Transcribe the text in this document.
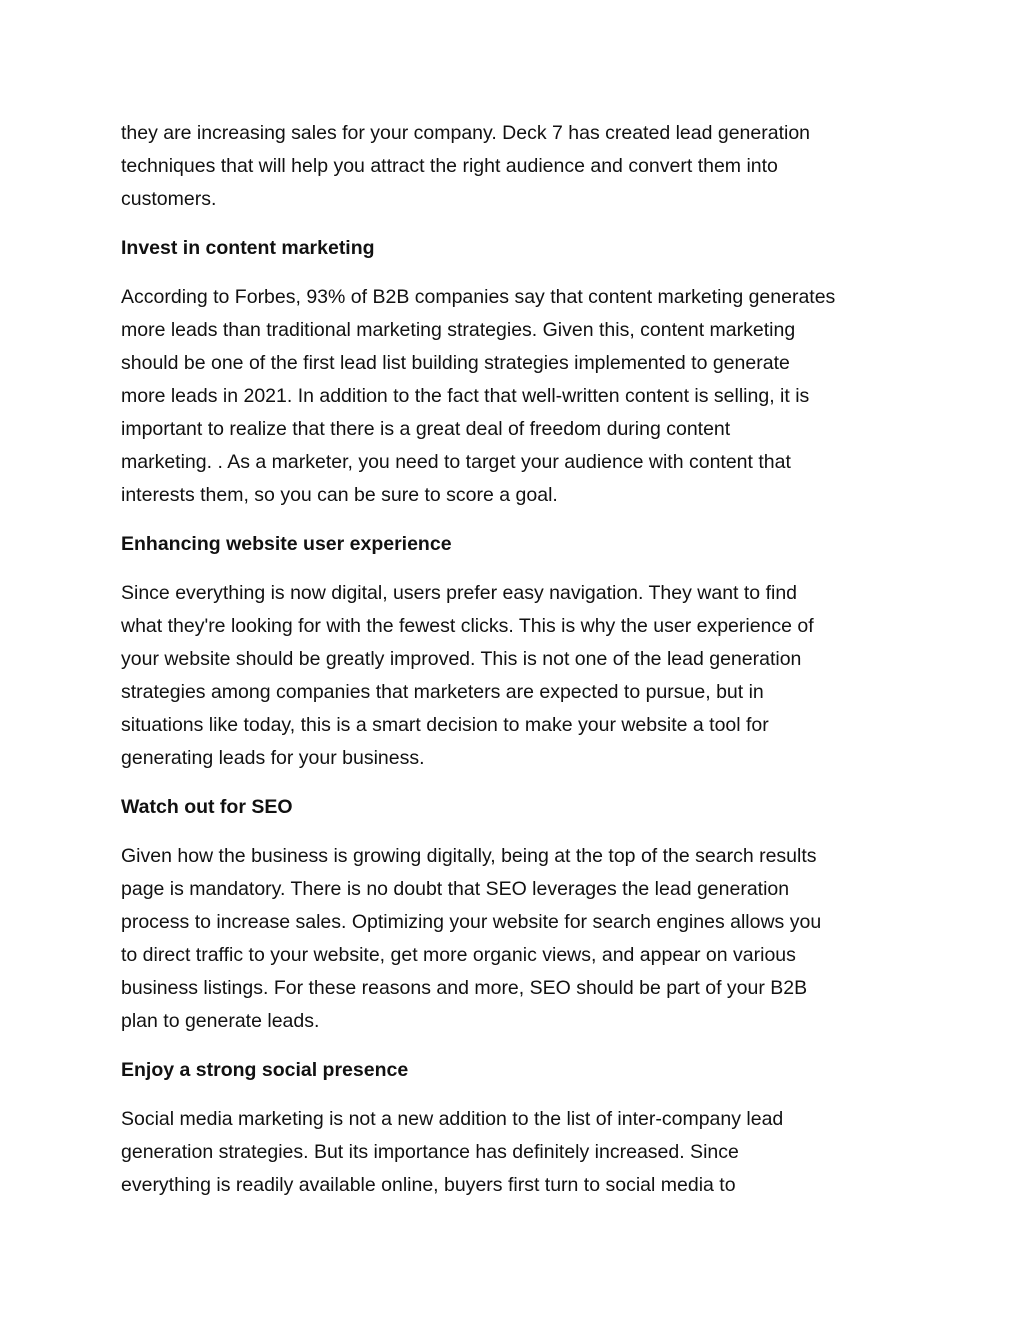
they are increasing sales for your company. Deck 7 has created lead generation
techniques that will help you attract the right audience and convert them into
customers.

Invest in content marketing

According to Forbes, 93% of B2B companies say that content marketing generates
more leads than traditional marketing strategies. Given this, content marketing
should be one of the first lead list building strategies implemented to generate
more leads in 2021. In addition to the fact that well-written content is selling, it is
important to realize that there is a great deal of freedom during content
marketing. . As a marketer, you need to target your audience with content that
interests them, so you can be sure to score a goal.

Enhancing website user experience

Since everything is now digital, users prefer easy navigation. They want to find
what they're looking for with the fewest clicks. This is why the user experience of
your website should be greatly improved. This is not one of the lead generation
strategies among companies that marketers are expected to pursue, but in
situations like today, this is a smart decision to make your website a tool for
generating leads for your business.

Watch out for SEO

Given how the business is growing digitally, being at the top of the search results
page is mandatory. There is no doubt that SEO leverages the lead generation
process to increase sales. Optimizing your website for search engines allows you
to direct traffic to your website, get more organic views, and appear on various
business listings. For these reasons and more, SEO should be part of your B2B
plan to generate leads.

Enjoy a strong social presence

Social media marketing is not a new addition to the list of inter-company lead
generation strategies. But its importance has definitely increased. Since
everything is readily available online, buyers first turn to social media to
